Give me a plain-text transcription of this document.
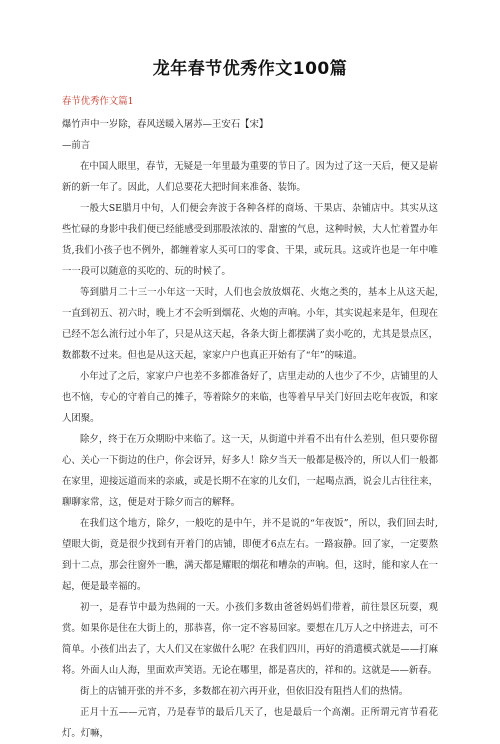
龙年春节优秀作文100篇

春节优秀作文篇1

爆竹声中一岁除，春风送暖入屠苏—王安石【宋】

—前言

在中国人眼里，春节，无疑是一年里最为重要的节日了。因为过了这一天后，便又是崭新的新一年了。因此，人们总要花大把时间来准备、装饰。

一般大SE腊月中旬，人们便会奔波于各种各样的商场、干果店、杂铺店中。其实从这些忙碌的身影中我们便已经能感受到那股浓浓的、甜蜜的气息，这种时候，大人忙着置办年货,我们小孩子也不例外，都缠着家人买可口的零食、干果，或玩具。这或许也是一年中唯一一段可以随意的买吃的、玩的时候了。

等到腊月二十三一小年这一天时，人们也会放放烟花、火炮之类的，基本上从这天起,一直到初五、初六时，晚上才不会听到烟花、火炮的声响。小年，其实说起来是年，但现在已经不怎么流行过小年了，只是从这天起，各条大街上都摆满了卖小吃的，尤其是景点区，数都数不过来。但也是从这天起，家家户户也真正开始有了“年”的味道。

小年过了之后，家家户户也差不多都准备好了，店里走动的人也少了不少，店铺里的人也不恼，专心的守着自己的摊子，等着除夕的来临，也等着早早关门好回去吃年夜饭，和家人团聚。

除夕，终于在万众期盼中来临了。这一天，从街道中并看不出有什么差别，但只要你留心、关心一下街边的住户，你会讶异，好多人！除夕当天一般都是极冷的，所以人们一般都在家里，迎接远道而来的亲戚，或是长期不在家的儿女们，一起喝点酒，说会儿古往往来，聊聊家常，这，便是对于除夕而言的解释。

在我们这个地方，除夕，一般吃的是中午，并不是说的“年夜饭”，所以，我们回去时,望眼大街，竟是很少找到有开着门的店铺，即便才6点左右。一路寂静。回了家，一定要熬到十二点，那会往窗外一瞧，满天都是耀眼的烟花和嘈杂的声响。但，这时，能和家人在一起，便是最幸福的。

初一，是春节中最为热闹的一天。小孩们多数由爸爸妈妈们带着，前往景区玩耍，观赏。如果你是住在大街上的，那恭喜，你一定不容易回家。要想在几万人之中挤进去，可不简单。小孩们出去了，大人们又在家做什么呢？在我们四川，再好的消遣模式就是——打麻将。外面人山人海，里面欢声笑语。无论在哪里，都是喜庆的，祥和的。这就是——新春。

街上的店铺开张的并不多，多数都在初六再开业，但依旧没有阻挡人们的热情。

正月十五——元宵，乃是春节的最后几天了，也是最后一个高潮。正所谓元宵节看花灯。灯嘛，
